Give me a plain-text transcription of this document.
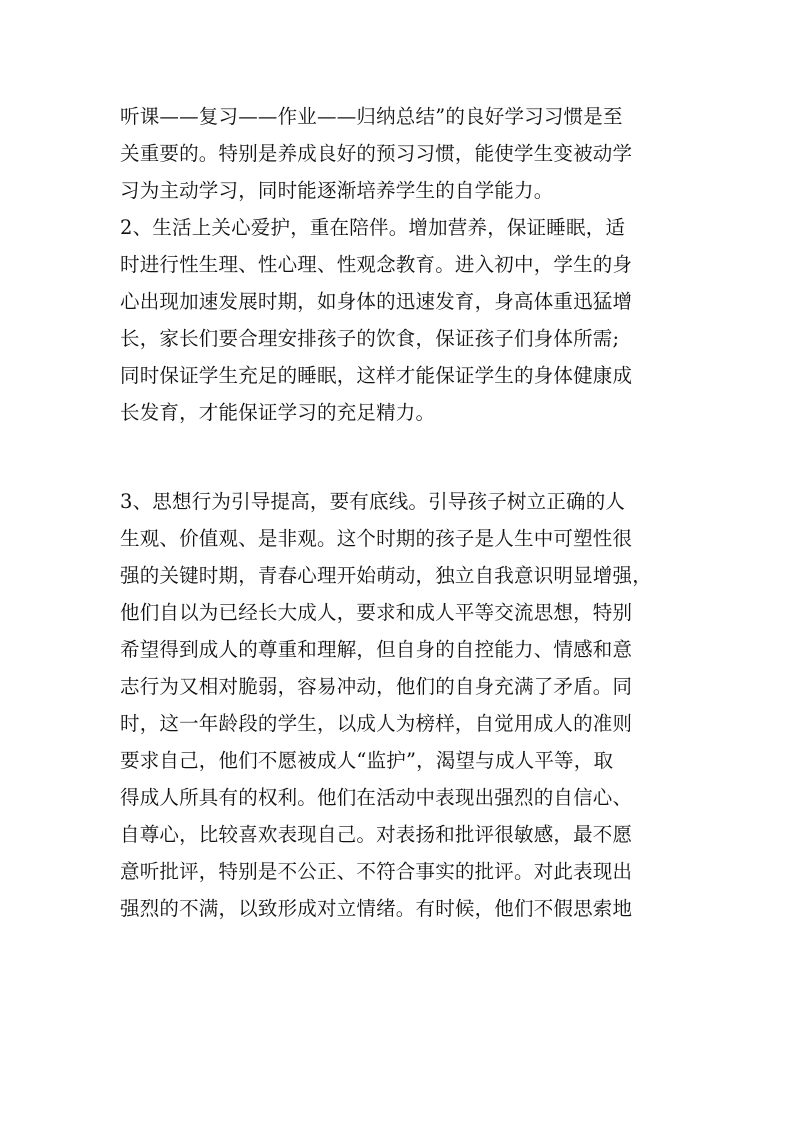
听课——复习——作业——归纳总结”的良好学习习惯是至
关重要的。特别是养成良好的预习习惯，能使学生变被动学
习为主动学习，同时能逐渐培养学生的自学能力。
2、生活上关心爱护，重在陪伴。增加营养，保证睡眠，适
时进行性生理、性心理、性观念教育。进入初中，学生的身
心出现加速发展时期，如身体的迅速发育，身高体重迅猛增
长，家长们要合理安排孩子的饮食，保证孩子们身体所需;
同时保证学生充足的睡眠，这样才能保证学生的身体健康成
长发育，才能保证学习的充足精力。
3、思想行为引导提高，要有底线。引导孩子树立正确的人
生观、价值观、是非观。这个时期的孩子是人生中可塑性很
强的关键时期，青春心理开始萌动，独立自我意识明显增强，
他们自以为已经长大成人，要求和成人平等交流思想，特别
希望得到成人的尊重和理解，但自身的自控能力、情感和意
志行为又相对脆弱，容易冲动，他们的自身充满了矛盾。同
时，这一年龄段的学生，以成人为榜样，自觉用成人的准则
要求自己，他们不愿被成人“监护”，渴望与成人平等，取
得成人所具有的权利。他们在活动中表现出强烈的自信心、
自尊心，比较喜欢表现自己。对表扬和批评很敏感，最不愿
意听批评，特别是不公正、不符合事实的批评。对此表现出
强烈的不满，以致形成对立情绪。有时候，他们不假思索地
